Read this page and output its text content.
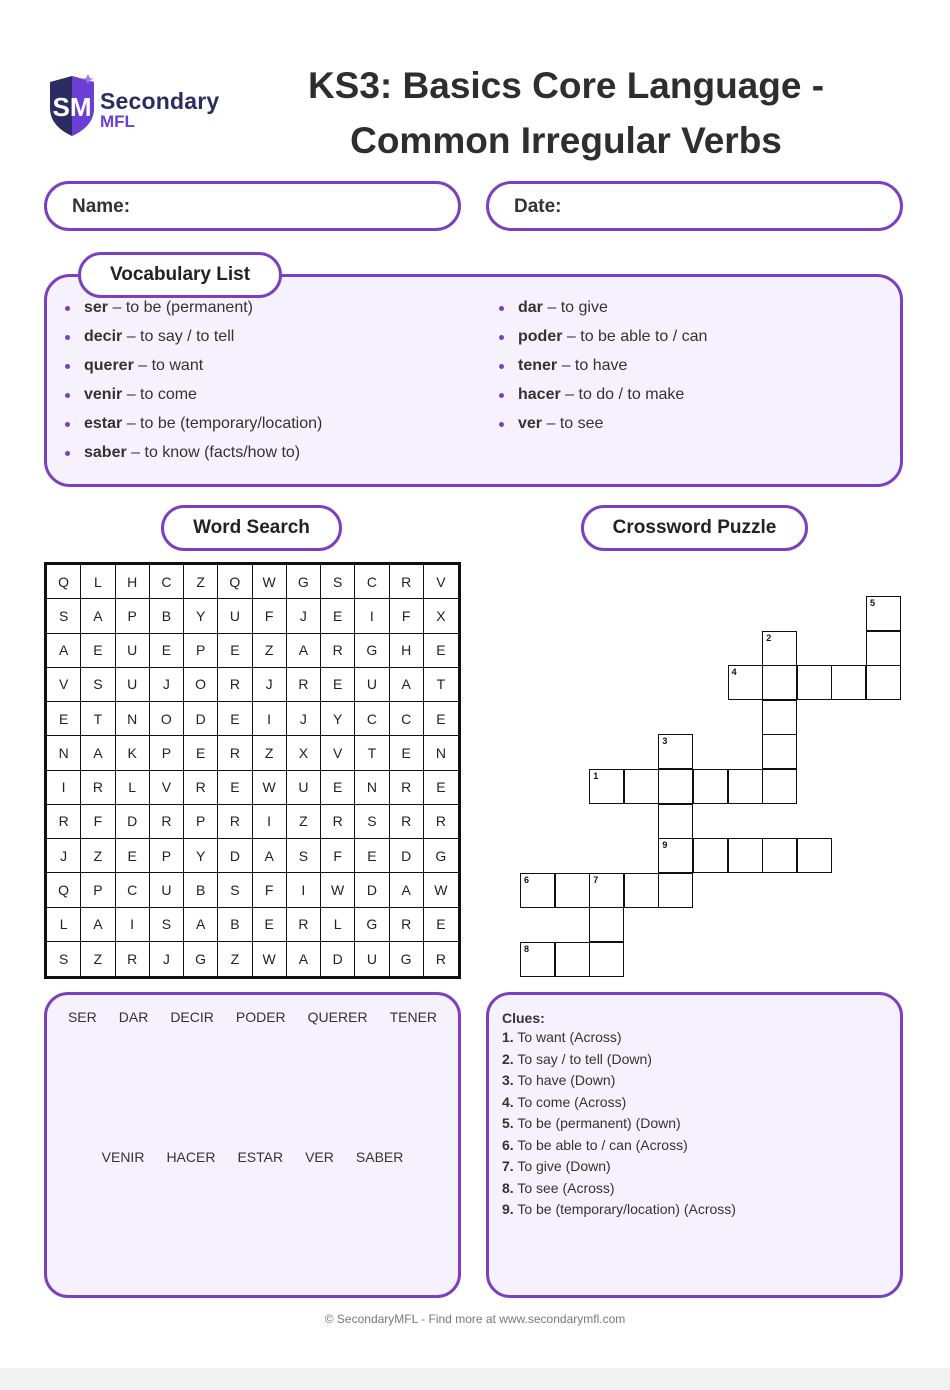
SM Secondary
MFL
KS3: Basics Core Language -
Common Irregular Verbs
Name:	Date:
Vocabulary List
ser – to be (permanent)
decir – to say / to tell
querer – to want
venir – to come
estar – to be (temporary/location)
saber – to know (facts/how to)
dar – to give
poder – to be able to / can
tener – to have
hacer – to do / to make
ver – to see
Word Search	Crossword Puzzle
Q	L	H	C	Z	Q	W	G	S	C	R	V
S	A	P	B	Y	U	F	J	E	I	F	X
A	E	U	E	P	E	Z	A	R	G	H	E
V	S	U	J	O	R	J	R	E	U	A	T
E	T	N	O	D	E	I	J	Y	C	C	E
N	A	K	P	E	R	Z	X	V	T	E	N
I	R	L	V	R	E	W	U	E	N	R	E
R	F	D	R	P	R	I	Z	R	S	R	R
J	Z	E	P	Y	D	A	S	F	E	D	G
Q	P	C	U	B	S	F	I	W	D	A	W
L	A	I	S	A	B	E	R	L	G	R	E
S	Z	R	J	G	Z	W	A	D	U	G	R
SER DAR DECIR PODER QUERER TENER
VENIR HACER ESTAR VER SABER
5
2
4
3
1
9
6	7
8
Clues:
1. To want (Across)
2. To say / to tell (Down)
3. To have (Down)
4. To come (Across)
5. To be (permanent) (Down)
6. To be able to / can (Across)
7. To give (Down)
8. To see (Across)
9. To be (temporary/location) (Across)
© SecondaryMFL - Find more at www.secondarymfl.com
